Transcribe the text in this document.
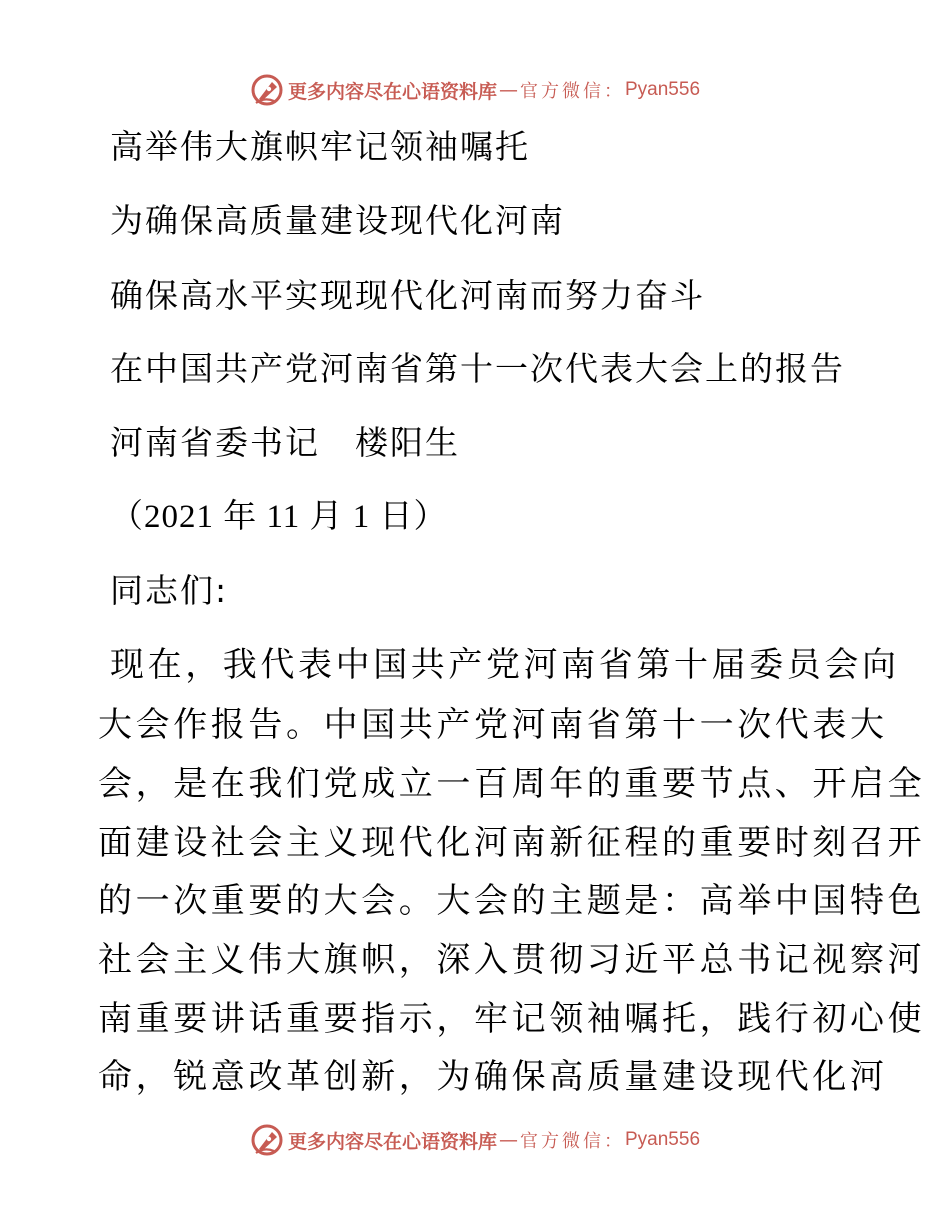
更多内容尽在心语资料库 — 官方微信： Pyan556
高举伟大旗帜牢记领袖嘱托
为确保高质量建设现代化河南
确保高水平实现现代化河南而努力奋斗
在中国共产党河南省第十一次代表大会上的报告
河南省委书记　楼阳生
（2021 年 11 月 1 日）
同志们:
现在，我代表中国共产党河南省第十届委员会向
大会作报告。中国共产党河南省第十一次代表大
会，是在我们党成立一百周年的重要节点、开启全
面建设社会主义现代化河南新征程的重要时刻召开
的一次重要的大会。大会的主题是：高举中国特色
社会主义伟大旗帜，深入贯彻习近平总书记视察河
南重要讲话重要指示，牢记领袖嘱托，践行初心使
命，锐意改革创新，为确保高质量建设现代化河
更多内容尽在心语资料库 — 官方微信： Pyan556
